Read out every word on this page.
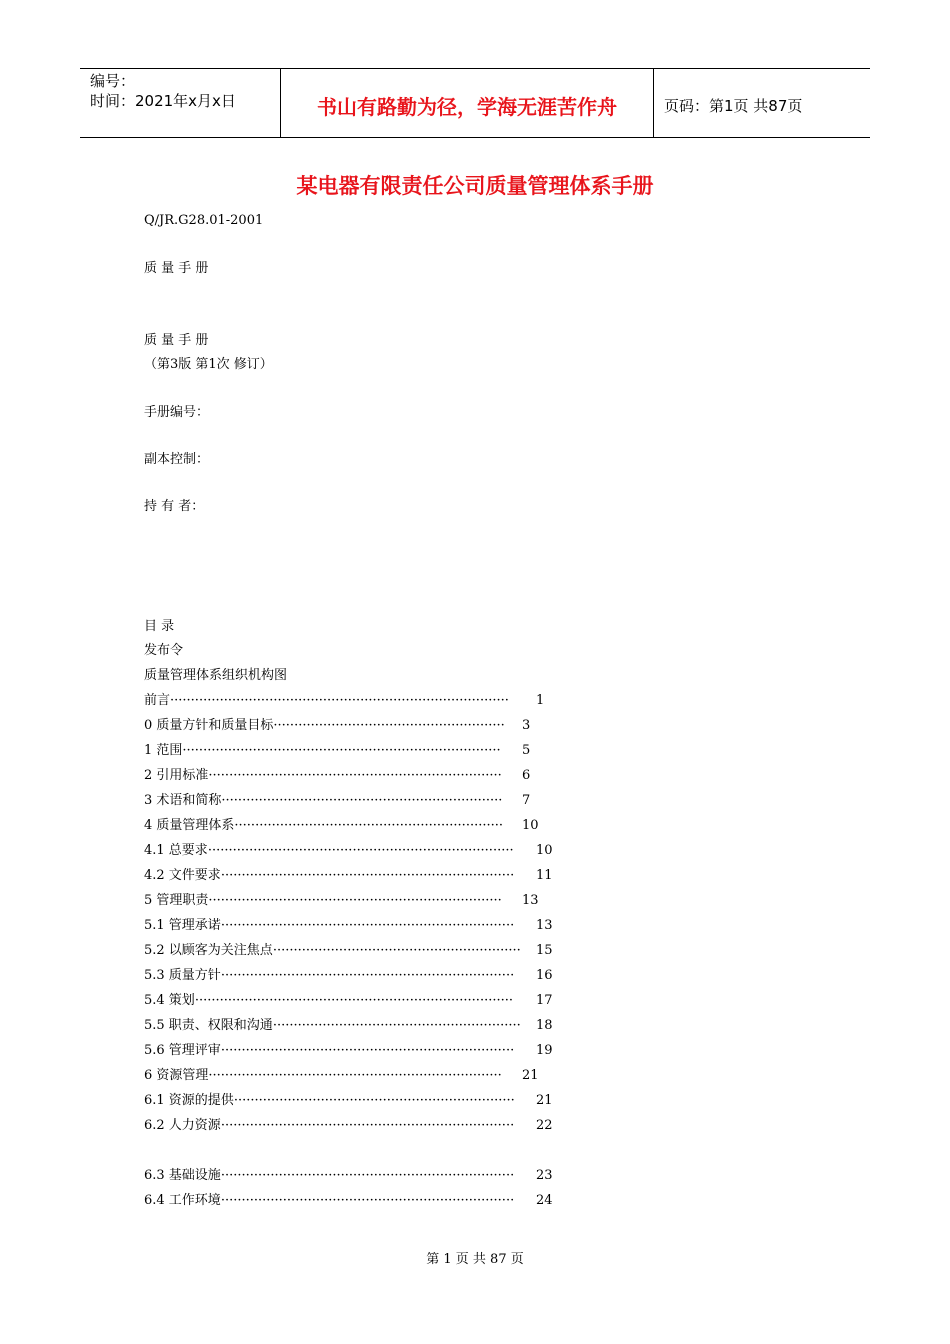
编号：
时间：2021年x月x日	书山有路勤为径，学海无涯苦作舟	页码：第1页 共87页
某电器有限责任公司质量管理体系手册
Q/JR.G28.01-2001
质 量 手 册
质 量 手 册
（第3版 第1次 修订）
手册编号：
副本控制：
持 有 者：
目 录
发布令
质量管理体系组织机构图
前言 ··················································································	1
0 质量方针和质量目标 ························································	3
1 范围 ·············································································	5
2 引用标准 ·······································································	6
3 术语和简称 ····································································	7
4 质量管理体系 ·································································	10
4.1 总要求 ··········································································	10
4.2 文件要求 ·······································································	11
5 管理职责 ·······································································	13
5.1 管理承诺 ·······································································	13
5.2 以顾客为关注焦点 ····························································	15
5.3 质量方针 ·······································································	16
5.4 策划 ·············································································	17
5.5 职责、权限和沟通 ····························································	18
5.6 管理评审 ·······································································	19
6 资源管理 ·······································································	21
6.1 资源的提供 ····································································	21
6.2 人力资源 ·······································································	22
6.3 基础设施 ·······································································	23
6.4 工作环境 ·······································································	24
第 1 页 共 87 页
